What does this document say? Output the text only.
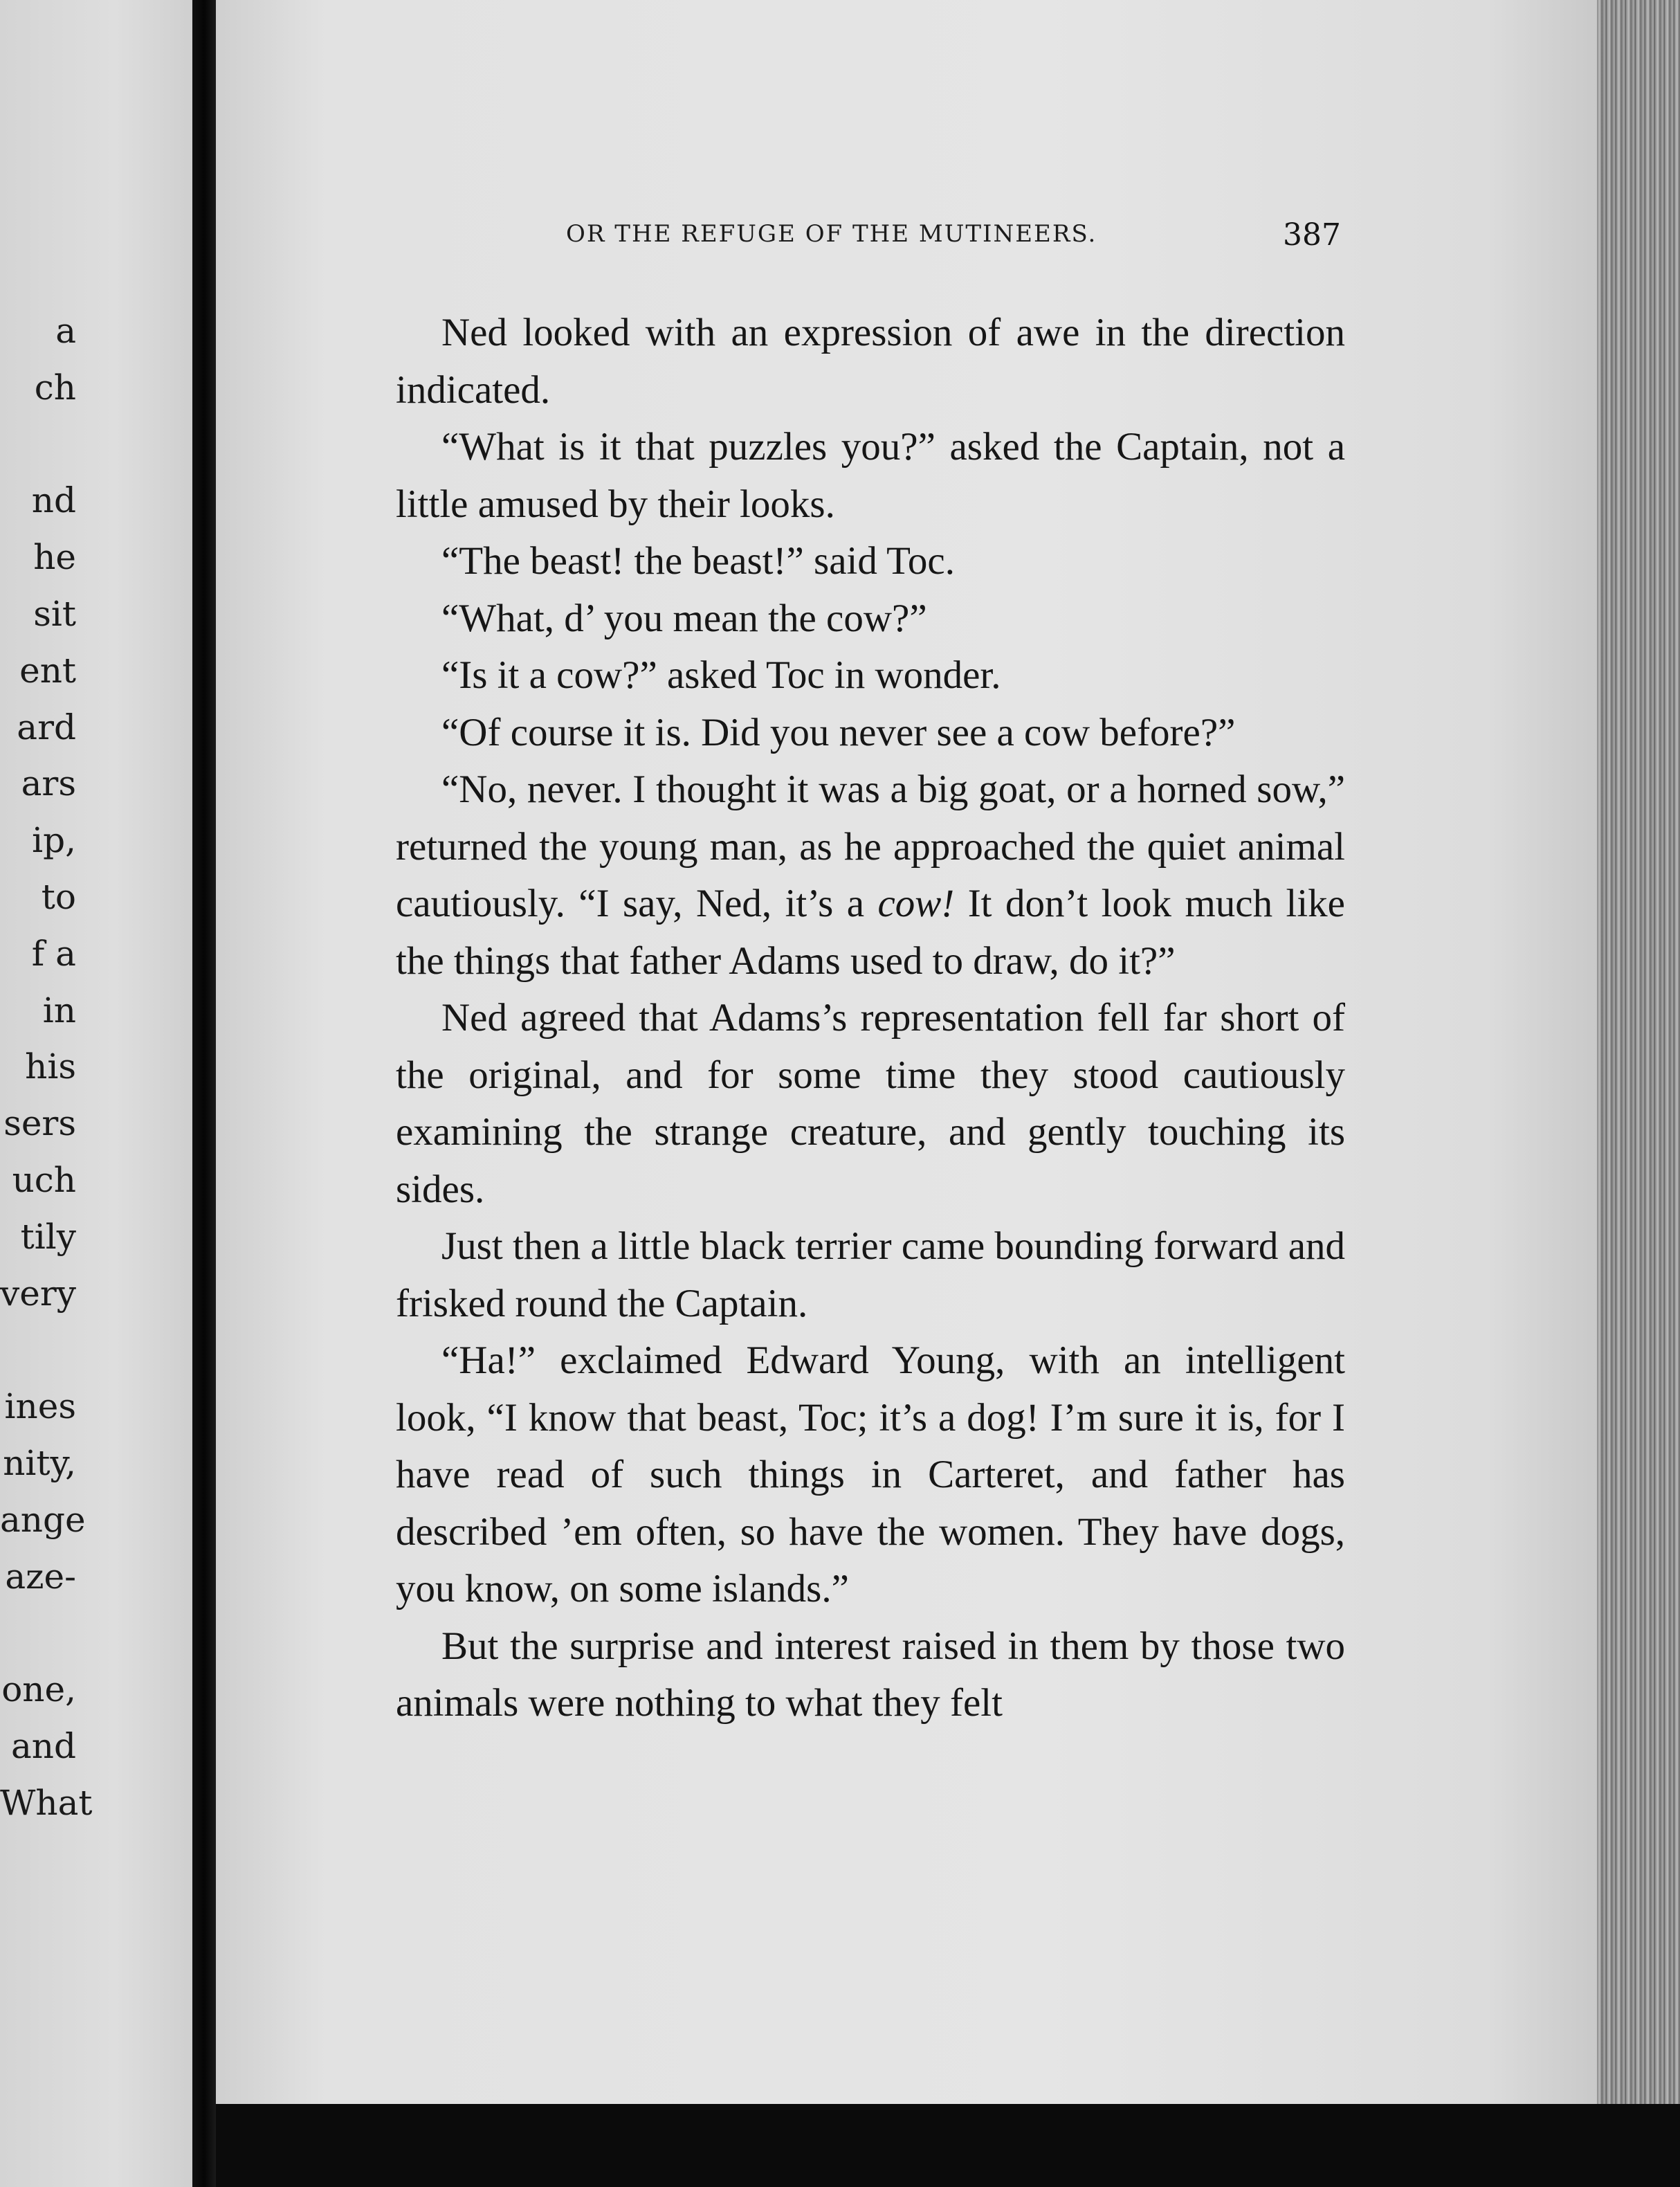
a
ch
nd
he
sit
ent
ard
ars
ip,
to
f a
in
his
sers
uch
tily
very
ines
nity,
ange
aze-
one,
and
What
OR THE REFUGE OF THE MUTINEERS.	387

Ned looked with an expression of awe in the direction indicated.

“What is it that puzzles you?” asked the Captain, not a little amused by their looks.

“The beast! the beast!” said Toc.

“What, d’ you mean the cow?”

“Is it a cow?” asked Toc in wonder.

“Of course it is. Did you never see a cow before?”

“No, never. I thought it was a big goat, or a horned sow,” returned the young man, as he approached the quiet animal cautiously. “I say, Ned, it’s a cow! It don’t look much like the things that father Adams used to draw, do it?”

Ned agreed that Adams’s representation fell far short of the original, and for some time they stood cautiously examining the strange creature, and gently touching its sides.

Just then a little black terrier came bounding forward and frisked round the Captain.

“Ha!” exclaimed Edward Young, with an intelligent look, “I know that beast, Toc; it’s a dog! I’m sure it is, for I have read of such things in Carteret, and father has described ’em often, so have the women. They have dogs, you know, on some islands.”

But the surprise and interest raised in them by those two animals were nothing to what they felt
